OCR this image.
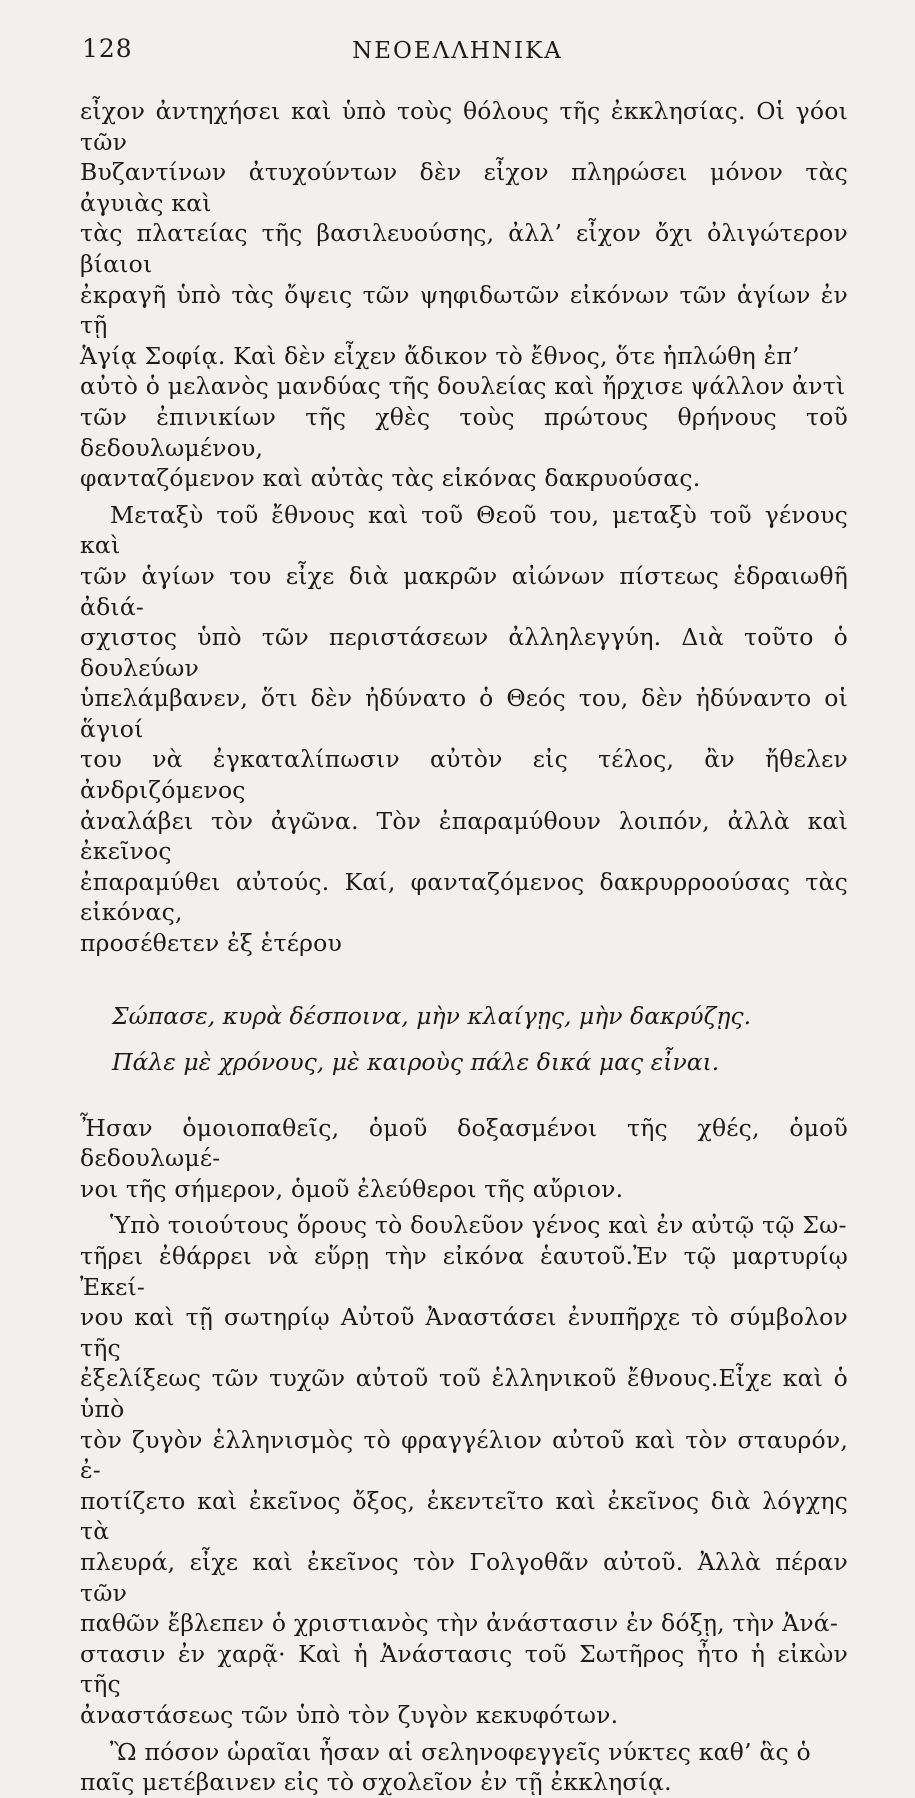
128	ΝΕΟΕΛΛΗΝΙΚΑ

εἶχον ἀντηχήσει καὶ ὑπὸ τοὺς θόλους τῆς ἐκκλησίας. Οἱ γόοι τῶν
Βυζαντίνων ἀτυχούντων δὲν εἶχον πληρώσει μόνον τὰς ἀγυιὰς καὶ
τὰς πλατείας τῆς βασιλευούσης, ἀλλ’ εἶχον ὄχι ὀλιγώτερον βίαιοι
ἐκραγῆ ὑπὸ τὰς ὄψεις τῶν ψηφιδωτῶν εἰκόνων τῶν ἁγίων ἐν τῇ
Ἁγίᾳ Σοφίᾳ. Καὶ δὲν εἶχεν ἄδικον τὸ ἔθνος, ὅτε ἡπλώθη ἐπ’
αὐτὸ ὁ μελανὸς μανδύας τῆς δουλείας καὶ ἤρχισε ψάλλον ἀντὶ
τῶν ἐπινικίων τῆς χθὲς τοὺς πρώτους θρήνους τοῦ δεδουλωμένου,
φανταζόμενον καὶ αὐτὰς τὰς εἰκόνας δακρυούσας.

Μεταξὺ τοῦ ἔθνους καὶ τοῦ Θεοῦ του, μεταξὺ τοῦ γένους καὶ
τῶν ἁγίων του εἶχε διὰ μακρῶν αἰώνων πίστεως ἑδραιωθῆ ἀδιά-
σχιστος ὑπὸ τῶν περιστάσεων ἀλληλεγγύη. Διὰ τοῦτο ὁ δουλεύων
ὑπελάμβανεν, ὅτι δὲν ἠδύνατο ὁ Θεός του, δὲν ἠδύναντο οἱ ἅγιοί
του νὰ ἐγκαταλίπωσιν αὐτὸν εἰς τέλος, ἂν ἤθελεν ἀνδριζόμενος
ἀναλάβει τὸν ἀγῶνα. Τὸν ἐπαραμύθουν λοιπόν, ἀλλὰ καὶ ἐκεῖνος
ἐπαραμύθει αὐτούς. Καί, φανταζόμενος δακρυρροούσας τὰς εἰκόνας,
προσέθετεν ἐξ ἑτέρου

Σώπασε, κυρὰ δέσποινα, μὴν κλαίγῃς, μὴν δακρύζῃς.
Πάλε μὲ χρόνους, μὲ καιροὺς πάλε δικά μας εἶναι.

Ἦσαν ὁμοιοπαθεῖς, ὁμοῦ δοξασμένοι τῆς χθές, ὁμοῦ δεδουλωμέ-
νοι τῆς σήμερον, ὁμοῦ ἐλεύθεροι τῆς αὔριον.

Ὑπὸ τοιούτους ὅρους τὸ δουλεῦον γένος καὶ ἐν αὐτῷ τῷ Σω-
τῆρει ἐθάρρει νὰ εὕρῃ τὴν εἰκόνα ἑαυτοῦ.Ἐν τῷ μαρτυρίῳ Ἐκεί-
νου καὶ τῇ σωτηρίῳ Αὐτοῦ Ἀναστάσει ἐνυπῆρχε τὸ σύμβολον τῆς
ἐξελίξεως τῶν τυχῶν αὐτοῦ τοῦ ἑλληνικοῦ ἔθνους.Εἶχε καὶ ὁ ὑπὸ
τὸν ζυγὸν ἑλληνισμὸς τὸ φραγγέλιον αὐτοῦ καὶ τὸν σταυρόν, ἐ-
ποτίζετο καὶ ἐκεῖνος ὄξος, ἐκεντεῖτο καὶ ἐκεῖνος διὰ λόγχης τὰ
πλευρά, εἶχε καὶ ἐκεῖνος τὸν Γολγοθᾶν αὐτοῦ. Ἀλλὰ πέραν τῶν
παθῶν ἔβλεπεν ὁ χριστιανὸς τὴν ἀνάστασιν ἐν δόξῃ, τὴν Ἀνά-
στασιν ἐν χαρᾷ· Καὶ ἡ Ἀνάστασις τοῦ Σωτῆρος ἦτο ἡ εἰκὼν τῆς
ἀναστάσεως τῶν ὑπὸ τὸν ζυγὸν κεκυφότων.

Ὢ πόσον ὡραῖαι ἦσαν αἱ σεληνοφεγγεῖς νύκτες καθ’ ἃς ὁ
παῖς μετέβαινεν εἰς τὸ σχολεῖον ἐν τῇ ἐκκλησίᾳ.
